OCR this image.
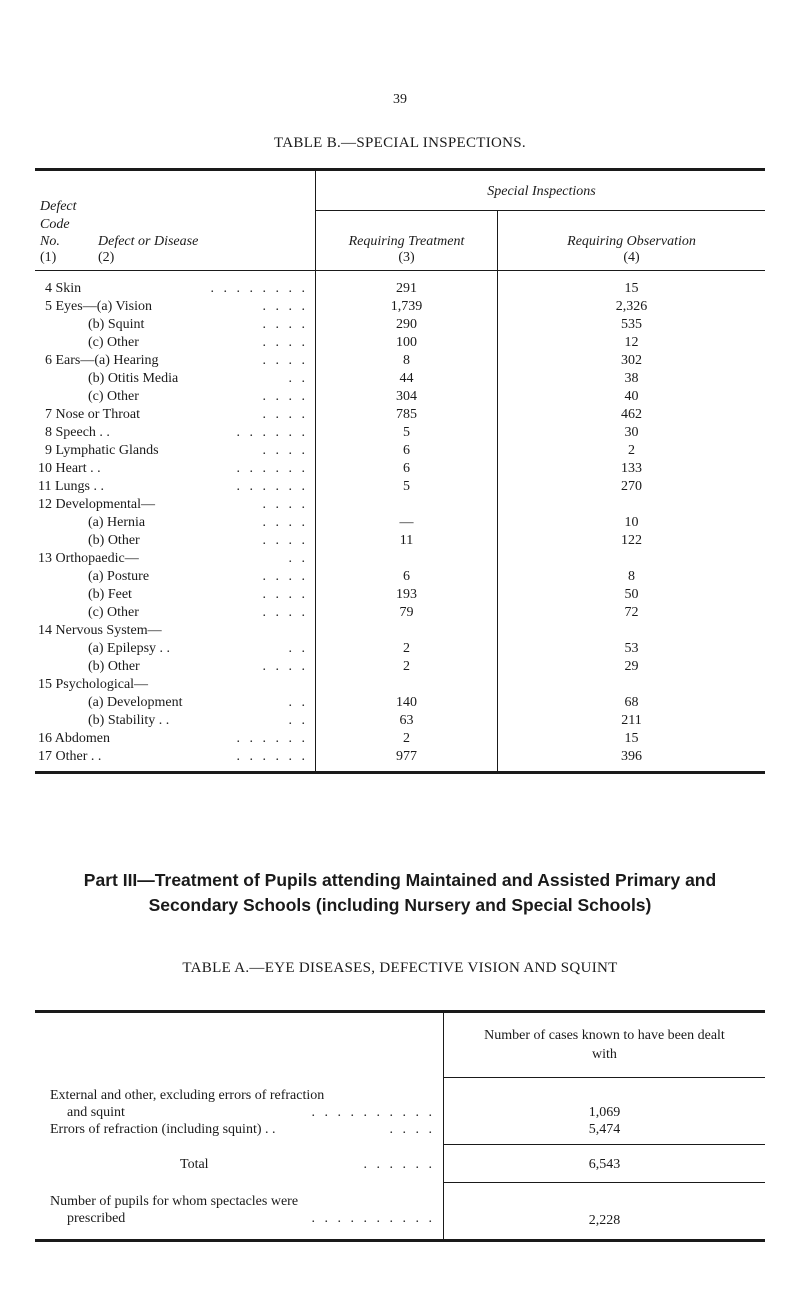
39
TABLE B.—SPECIAL INSPECTIONS.
Special Inspections
Defect
Code
No.	Defect or Disease
(1)	(2)
Requiring Treatment
(3)
Requiring Observation
(4)
4 Skin	. . . . . . . .	291	15
5 Eyes—(a) Vision	. . . .	1,739	2,326
(b) Squint	. . . .	290	535
(c) Other	. . . .	100	12
6 Ears—(a) Hearing	. . . .	8	302
(b) Otitis Media	. .	44	38
(c) Other	. . . .	304	40
7 Nose or Throat	. . . .	785	462
8 Speech . .	. . . . . .	5	30
9 Lymphatic Glands	. . . .	6	2
10 Heart . .	. . . . . .	6	133
11 Lungs . .	. . . . . .	5	270
12 Developmental—	. . . .
(a) Hernia	. . . .	—	10
(b) Other	. . . .	11	122
13 Orthopaedic—	. .
(a) Posture	. . . .	6	8
(b) Feet	. . . .	193	50
(c) Other	. . . .	79	72
14 Nervous System—
(a) Epilepsy . .	. .	2	53
(b) Other	. . . .	2	29
15 Psychological—
(a) Development	. .	140	68
(b) Stability . .	. .	63	211
16 Abdomen	. . . . . .	2	15
17 Other . .	. . . . . .	977	396
Part III—Treatment of Pupils attending Maintained and Assisted Primary and Secondary Schools (including Nursery and Special Schools)
TABLE A.—EYE DISEASES, DEFECTIVE VISION AND SQUINT
Number of cases known to have been dealt with
External and other, excluding errors of refraction
and squint	. . . . . . . . . .	1,069
Errors of refraction (including squint) . .	. . . .	5,474
Total	. . . . . .	6,543
Number of pupils for whom spectacles were
prescribed	. . . . . . . . . .	2,228
